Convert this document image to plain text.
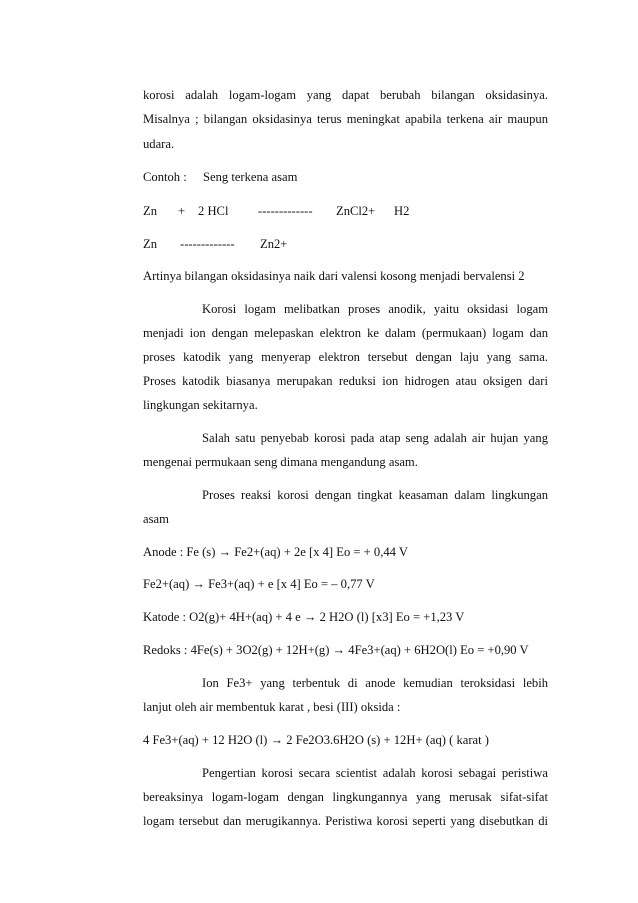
korosi adalah logam-logam yang dapat berubah bilangan oksidasinya.
Misalnya ; bilangan oksidasinya terus meningkat apabila terkena air maupun
udara.
Contoh :	Seng terkena asam
Zn	+	2 HCl	-------------	ZnCl2 +	H2
Zn	-------------	Zn2+
Artinya bilangan oksidasinya naik dari valensi kosong menjadi bervalensi 2
Korosi logam melibatkan proses anodik, yaitu oksidasi logam
menjadi ion dengan melepaskan elektron ke dalam (permukaan) logam dan
proses katodik yang menyerap elektron tersebut dengan laju yang sama.
Proses katodik biasanya merupakan reduksi ion hidrogen atau oksigen dari
lingkungan sekitarnya.
Salah satu penyebab korosi pada atap seng adalah air hujan yang
mengenai permukaan seng dimana mengandung asam.
Proses reaksi korosi dengan tingkat keasaman dalam lingkungan
asam
Anode : Fe (s) → Fe2+(aq) + 2e [x 4] Eo = + 0,44 V
Fe2+(aq) → Fe3+(aq) + e [x 4] Eo = – 0,77 V
Katode : O2(g)+ 4H+(aq) + 4 e → 2 H2O (l) [x3] Eo = +1,23 V
Redoks : 4Fe(s) + 3O2(g) + 12H+(g) → 4Fe3+(aq) + 6H2O(l) Eo = +0,90 V
Ion Fe3+ yang terbentuk di anode kemudian teroksidasi lebih
lanjut oleh air membentuk karat , besi (III) oksida :
4 Fe3+(aq) + 12 H2O (l) → 2 Fe2O3.6H2O (s) + 12H+ (aq) ( karat )
Pengertian korosi secara scientist adalah korosi sebagai peristiwa
bereaksinya logam-logam dengan lingkungannya yang merusak sifat-sifat
logam tersebut dan merugikannya. Peristiwa korosi seperti yang disebutkan di
